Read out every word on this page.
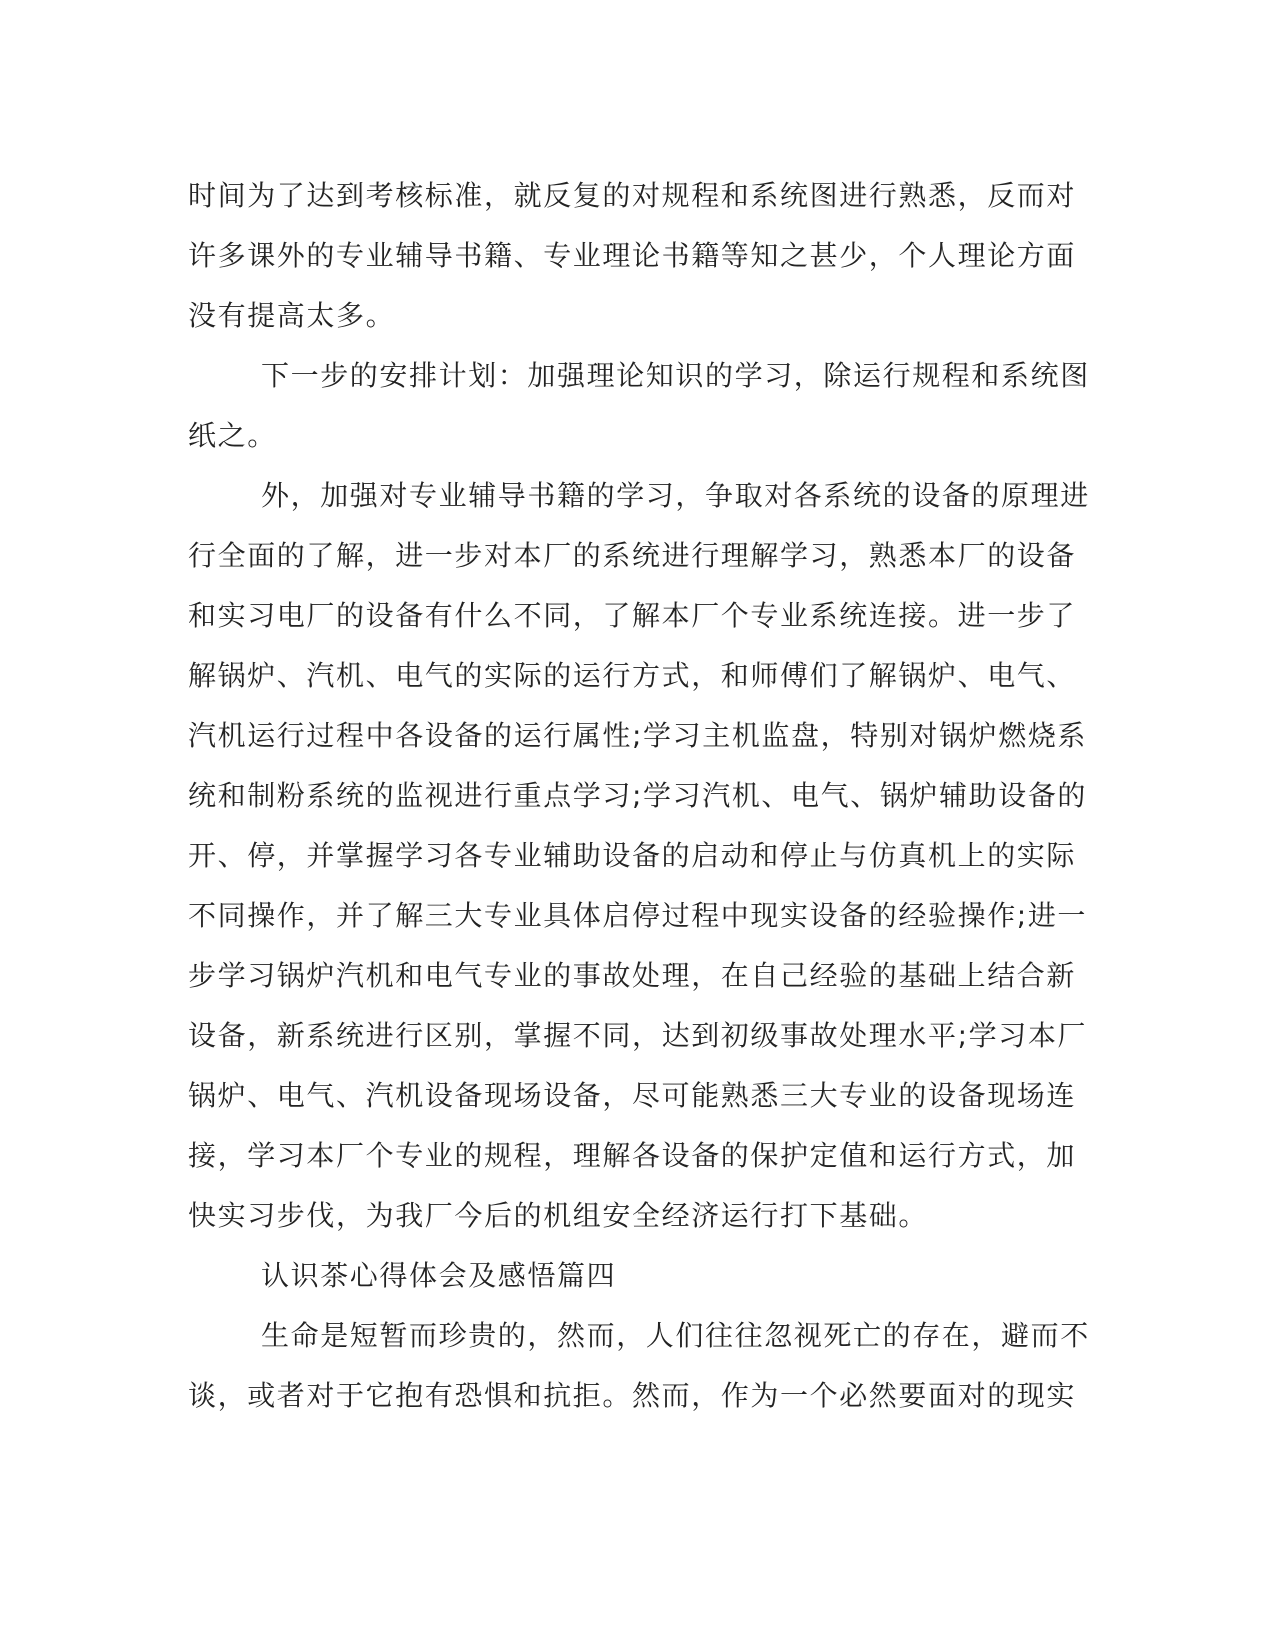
时间为了达到考核标准，就反复的对规程和系统图进行熟悉，反而对
许多课外的专业辅导书籍、专业理论书籍等知之甚少，个人理论方面
没有提高太多。
下一步的安排计划：加强理论知识的学习，除运行规程和系统图
纸之。
外，加强对专业辅导书籍的学习，争取对各系统的设备的原理进
行全面的了解，进一步对本厂的系统进行理解学习，熟悉本厂的设备
和实习电厂的设备有什么不同，了解本厂个专业系统连接。进一步了
解锅炉、汽机、电气的实际的运行方式，和师傅们了解锅炉、电气、
汽机运行过程中各设备的运行属性;学习主机监盘，特别对锅炉燃烧系
统和制粉系统的监视进行重点学习;学习汽机、电气、锅炉辅助设备的
开、停，并掌握学习各专业辅助设备的启动和停止与仿真机上的实际
不同操作，并了解三大专业具体启停过程中现实设备的经验操作;进一
步学习锅炉汽机和电气专业的事故处理，在自己经验的基础上结合新
设备，新系统进行区别，掌握不同，达到初级事故处理水平;学习本厂
锅炉、电气、汽机设备现场设备，尽可能熟悉三大专业的设备现场连
接，学习本厂个专业的规程，理解各设备的保护定值和运行方式，加
快实习步伐，为我厂今后的机组安全经济运行打下基础。
认识茶心得体会及感悟篇四
生命是短暂而珍贵的，然而，人们往往忽视死亡的存在，避而不
谈，或者对于它抱有恐惧和抗拒。然而，作为一个必然要面对的现实
